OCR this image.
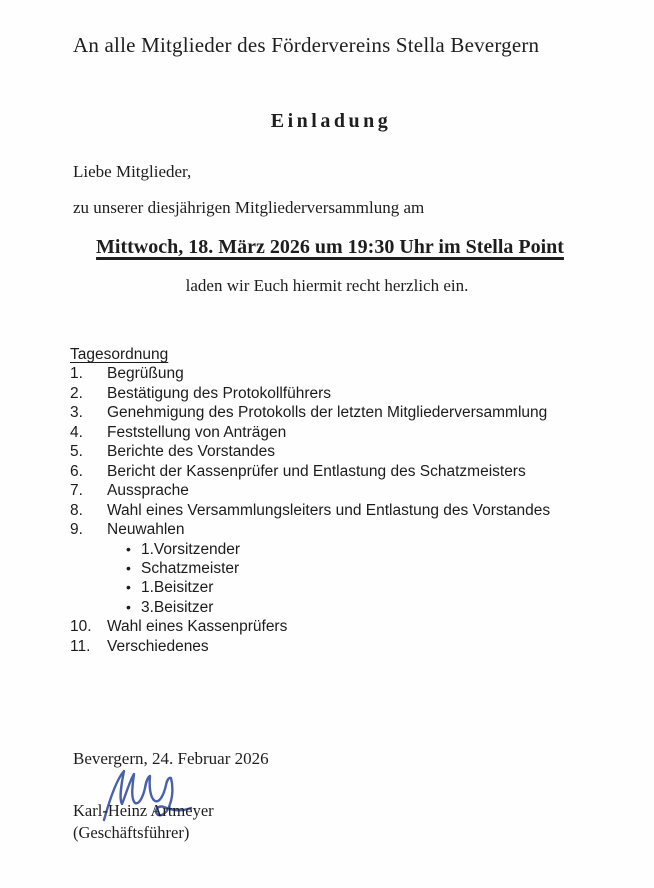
An alle Mitglieder des Fördervereins Stella Bevergern
Einladung
Liebe Mitglieder,
zu unserer diesjährigen Mitgliederversammlung am
Mittwoch, 18. März 2026 um 19:30 Uhr im Stella Point
laden wir Euch hiermit recht herzlich ein.
Tagesordnung
1. Begrüßung
2. Bestätigung des Protokollführers
3. Genehmigung des Protokolls der letzten Mitgliederversammlung
4. Feststellung von Anträgen
5. Berichte des Vorstandes
6. Bericht der Kassenprüfer und Entlastung des Schatzmeisters
7. Aussprache
8. Wahl eines Versammlungsleiters und Entlastung des Vorstandes
9. Neuwahlen
• 1.Vorsitzender
• Schatzmeister
• 1.Beisitzer
• 3.Beisitzer
10. Wahl eines Kassenprüfers
11. Verschiedenes
Bevergern, 24. Februar 2026
Karl-Heinz Artmeyer
(Geschäftsführer)
